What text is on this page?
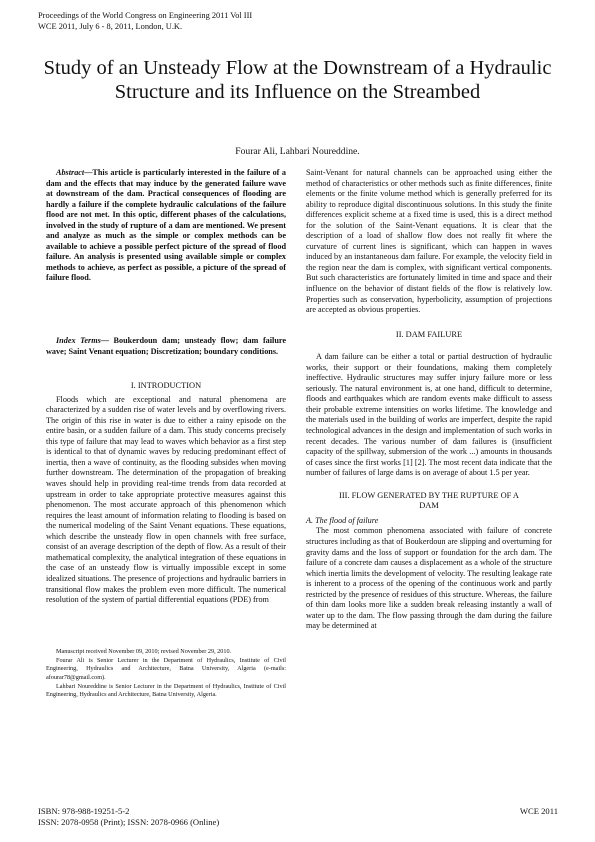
Proceedings of the World Congress on Engineering 2011 Vol III
WCE 2011, July 6 - 8, 2011, London, U.K.
Study of an Unsteady Flow at the Downstream of a Hydraulic Structure and its Influence on the Streambed
Fourar Ali, Lahbari Noureddine.

Abstract—This article is particularly interested in the failure of a dam and the effects that may induce by the generated failure wave at downstream of the dam. Practical consequences of flooding are hardly a failure if the complete hydraulic calculations of the failure flood are not met. In this optic, different phases of the calculations, involved in the study of rupture of a dam are mentioned. We present and analyze as much as the simple or complex methods can be available to achieve a possible perfect picture of the spread of flood failure. An analysis is presented using available simple or complex methods to achieve, as perfect as possible, a picture of the spread of failure flood.

Index Terms— Boukerdoun dam; unsteady flow; dam failure wave; Saint Venant equation; Discretization; boundary conditions.

I. INTRODUCTION

Floods which are exceptional and natural phenomena are characterized by a sudden rise of water levels and by overflowing rivers. The origin of this rise in water is due to either a rainy episode on the entire basin, or a sudden failure of a dam. This study concerns precisely this type of failure that may lead to waves which behavior as a first step is identical to that of dynamic waves by reducing predominant effect of inertia, then a wave of continuity, as the flooding subsides when moving further downstream. The determination of the propagation of breaking waves should help in providing real-time trends from data recorded at upstream in order to take appropriate protective measures against this phenomenon. The most accurate approach of this phenomenon which requires the least amount of information relating to flooding is based on the numerical modeling of the Saint Venant equations. These equations, which describe the unsteady flow in open channels with free surface, consist of an average description of the depth of flow. As a result of their mathematical complexity, the analytical integration of these equations in the case of an unsteady flow is virtually impossible except in some idealized situations. The presence of projections and hydraulic barriers in transitional flow makes the problem even more difficult. The numerical resolution of the system of partial differential equations (PDE) from

Saint-Venant for natural channels can be approached using either the method of characteristics or other methods such as finite differences, finite elements or the finite volume method which is generally preferred for its ability to reproduce digital discontinuous solutions. In this study the finite differences explicit scheme at a fixed time is used, this is a direct method for the solution of the Saint-Venant equations. It is clear that the description of a load of shallow flow does not really fit where the curvature of current lines is significant, which can happen in waves induced by an instantaneous dam failure. For example, the velocity field in the region near the dam is complex, with significant vertical components. But such characteristics are fortunately limited in time and space and their influence on the behavior of distant fields of the flow is relatively low. Properties such as conservation, hyperbolicity, assumption of projections are accepted as obvious properties.

II. DAM FAILURE

A dam failure can be either a total or partial destruction of hydraulic works, their support or their foundations, making them completely ineffective. Hydraulic structures may suffer injury failure more or less seriously. The natural environment is, at one hand, difficult to determine, floods and earthquakes which are random events make difficult to assess their probable extreme intensities on works lifetime. The knowledge and the materials used in the building of works are imperfect, despite the rapid technological advances in the design and implementation of such works in recent decades. The various number of dam failures is (insufficient capacity of the spillway, submersion of the work ...) amounts in thousands of cases since the first works [1] [2]. The most recent data indicate that the number of failures of large dams is on average of about 1.5 per year.

III. FLOW GENERATED BY THE RUPTURE OF A
DAM

A. The flood of failure

The most common phenomena associated with failure of concrete structures including as that of Boukerdoun are slipping and overturning for gravity dams and the loss of support or foundation for the arch dam. The failure of a concrete dam causes a displacement as a whole of the structure which inertia limits the development of velocity. The resulting leakage rate is inherent to a process of the opening of the continuous work and partly restricted by the presence of residues of this structure. Whereas, the failure of thin dam looks more like a sudden break releasing instantly a wall of water up to the dam. The flow passing through the dam during the failure may be determined at

Manuscript received November 09, 2010; revised November 29, 2010.

Fourar Ali is Senior Lecturer in the Department of Hydraulics, Institute of Civil Engineering, Hydraulics and Architecture, Batna University, Algeria (e-mails: afourar78@gmail.com).

Lahbari Noureddine is Senior Lecturer in the Department of Hydraulics, Institute of Civil Engineering, Hydraulics and Architecture, Batna University, Algeria.

ISBN: 978-988-19251-5-2
ISSN: 2078-0958 (Print); ISSN: 2078-0966 (Online)
WCE 2011
